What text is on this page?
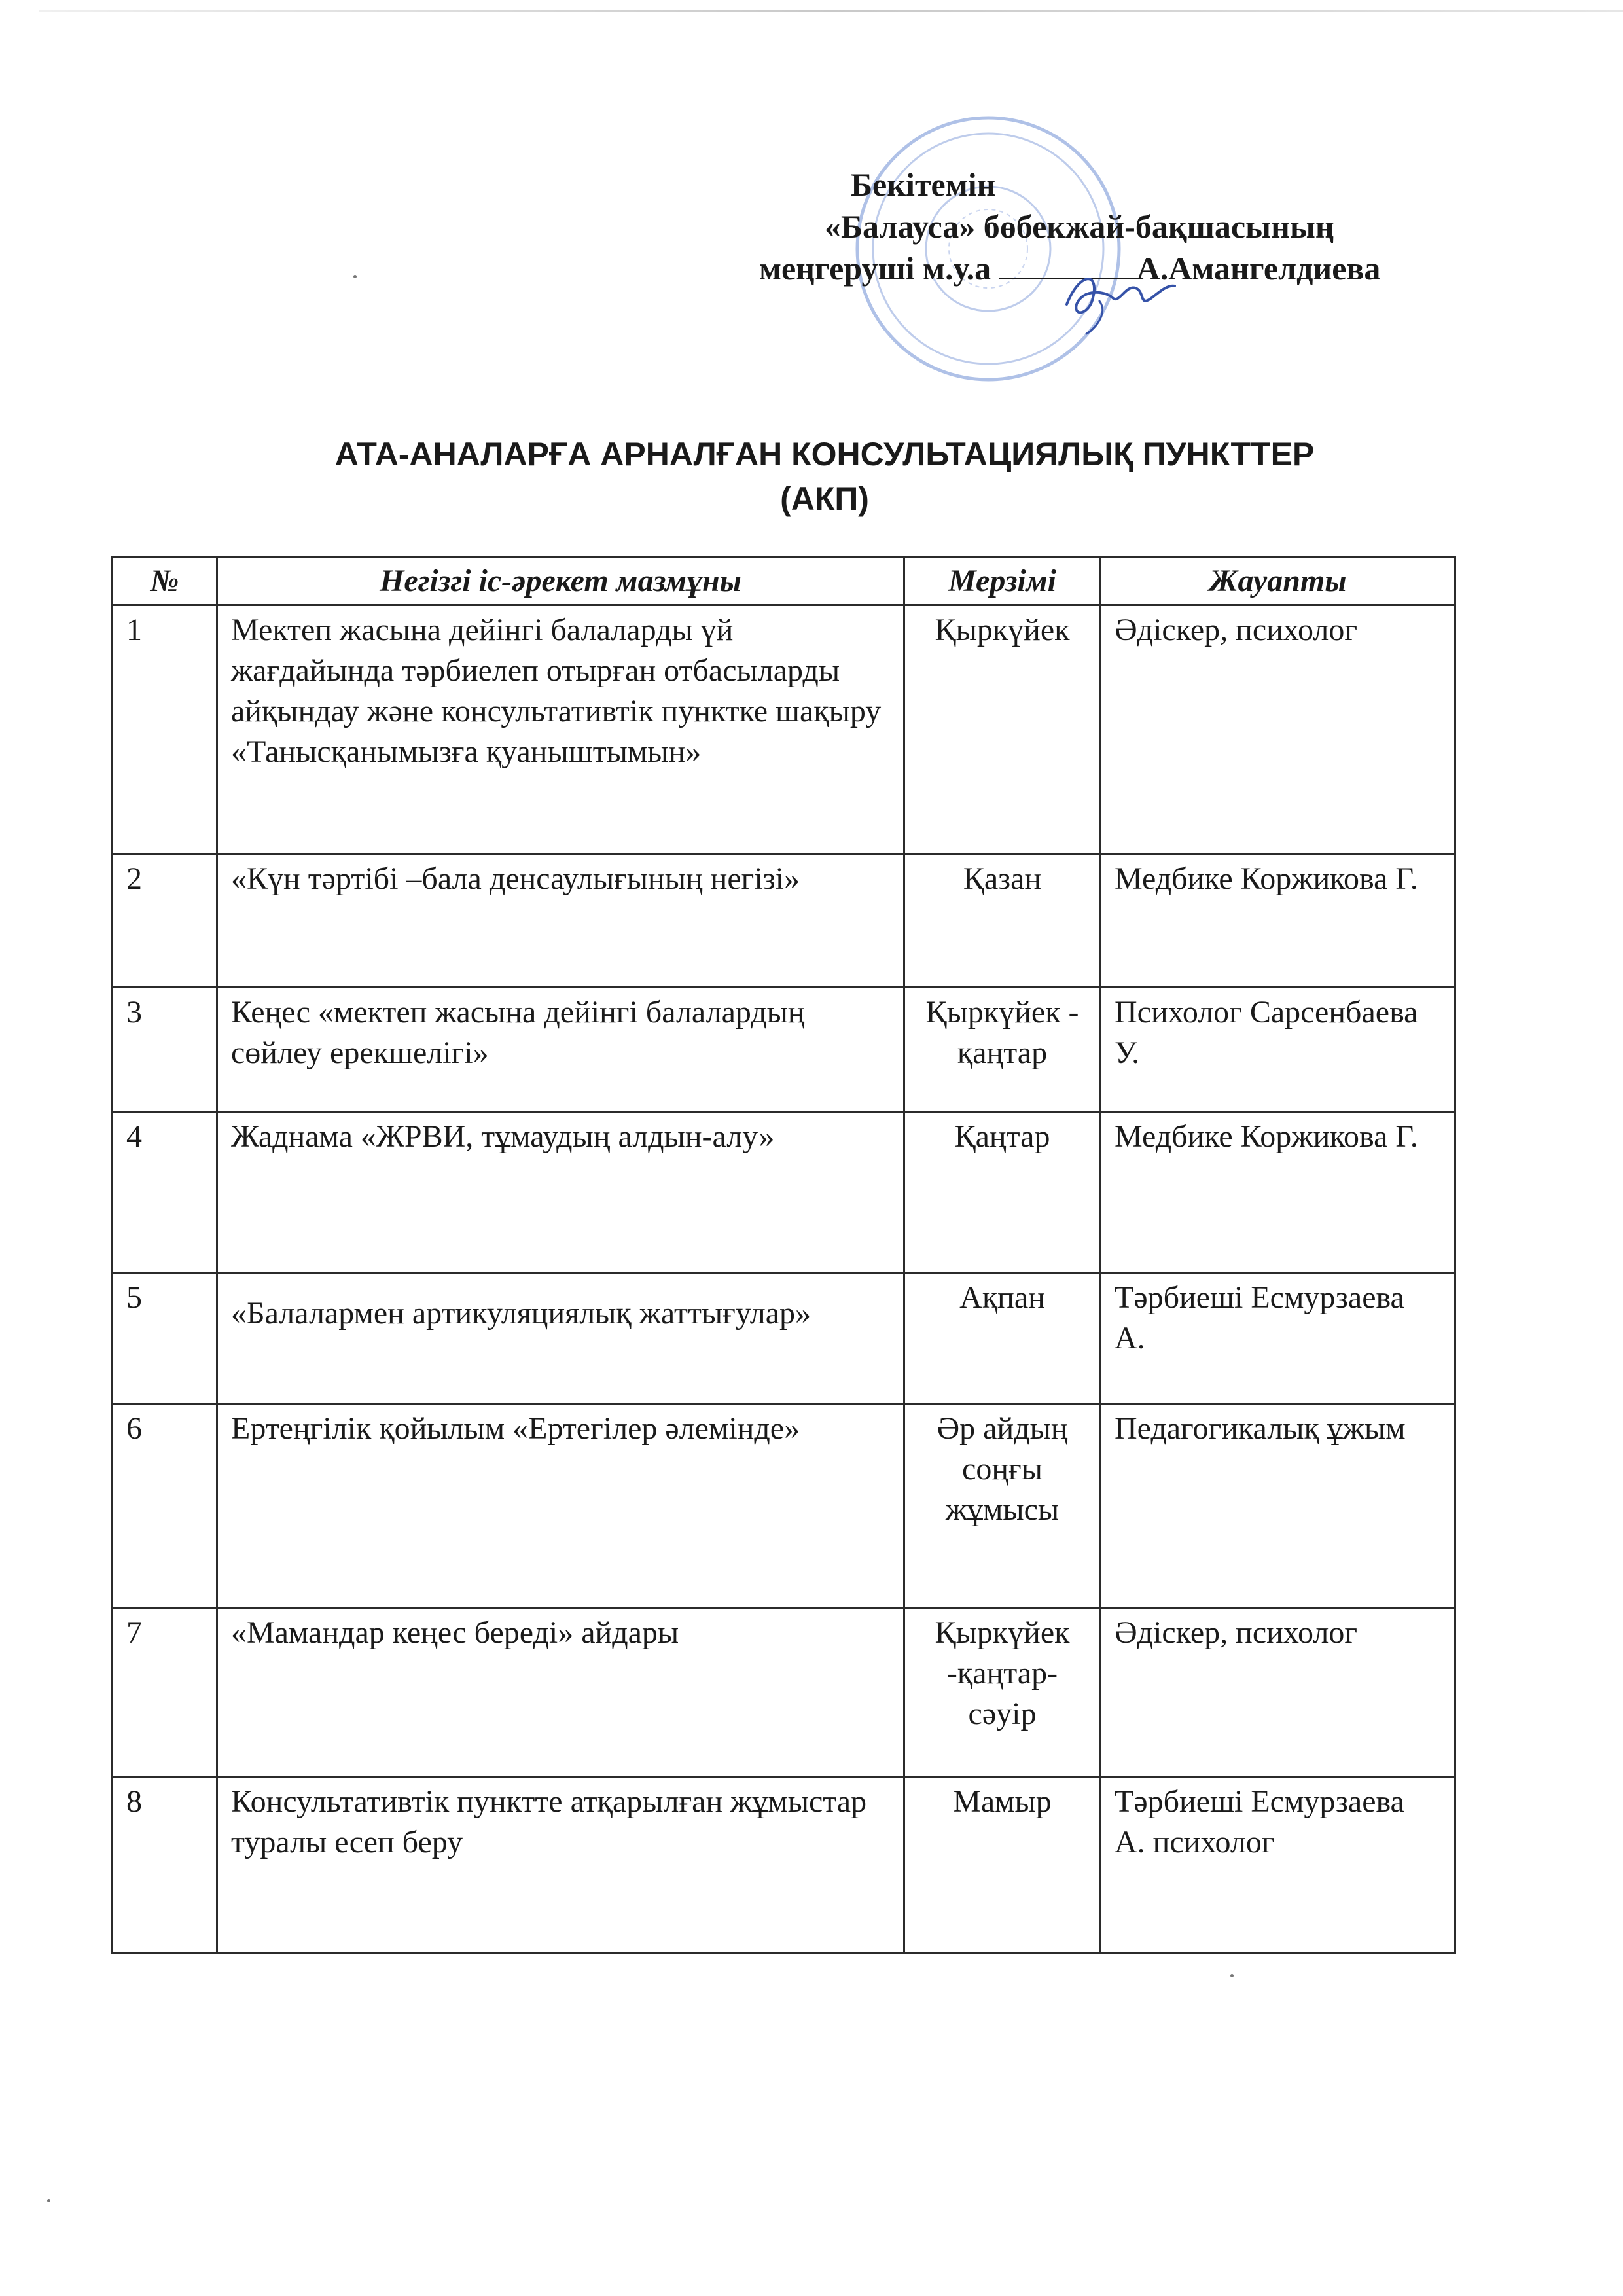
Бекітемін
«Балауса» бөбекжай-бақшасының
меңгеруші м.у.а	А.Амангелдиева
АТА-АНАЛАРҒА АРНАЛҒАН КОНСУЛЬТАЦИЯЛЫҚ ПУНКТТЕР
(АКП)
№	Негізгі іс-әрекет мазмұны	Мерзімі	Жауапты
1	Мектеп жасына дейінгі балаларды үй жағдайында тәрбиелеп отырған отбасыларды айқындау және консультативтік пунктке шақыру «Танысқанымызға қуаныштымын»	Қыркүйек	Әдіскер, психолог
2	«Күн тәртібі –бала денсаулығының негізі»	Қазан	Медбике Коржикова Г.
3	Кеңес «мектеп жасына дейінгі балалардың сөйлеу ерекшелігі»	Қыркүйек - қаңтар	Психолог Сарсенбаева У.
4	Жаднама «ЖРВИ, тұмаудың алдын-алу»	Қаңтар	Медбике Коржикова Г.
5	«Балалармен артикуляциялық жаттығулар»	Ақпан	Тәрбиеші Есмурзаева А.
6	Ертеңгілік қойылым «Ертегілер әлемінде»	Әр айдың соңғы жұмысы	Педагогикалық ұжым
7	«Мамандар кеңес береді» айдары	Қыркүйек -қаңтар- сәуір	Әдіскер, психолог
8	Консультативтік пунктте атқарылған жұмыстар туралы есеп беру	Мамыр	Тәрбиеші Есмурзаева А. психолог
